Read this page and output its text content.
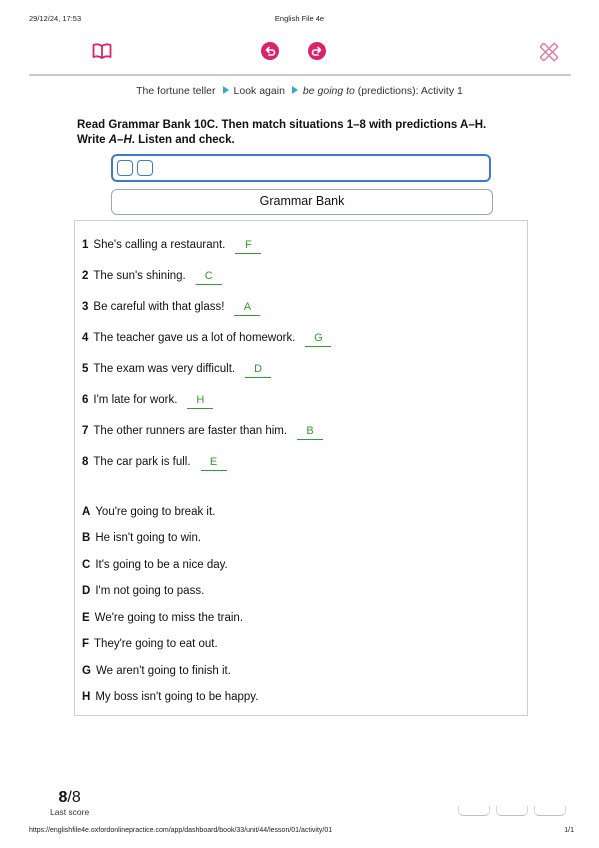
29/12/24, 17:53	English File 4e
The fortune teller Look again be going to (predictions): Activity 1
Read Grammar Bank 10C. Then match situations 1–8 with predictions A–H.
Write A–H. Listen and check.
Grammar Bank
1 She's calling a restaurant. F
2 The sun's shining. C
3 Be careful with that glass! A
4 The teacher gave us a lot of homework. G
5 The exam was very difficult. D
6 I'm late for work. H
7 The other runners are faster than him. B
8 The car park is full. E
A You're going to break it.
B He isn't going to win.
C It's going to be a nice day.
D I'm not going to pass.
E We're going to miss the train.
F They're going to eat out.
G We aren't going to finish it.
H My boss isn't going to be happy.
8/8
Last score
https://englishfile4e.oxfordonlinepractice.com/app/dashboard/book/33/unit/44/lesson/01/activity/01	1/1
